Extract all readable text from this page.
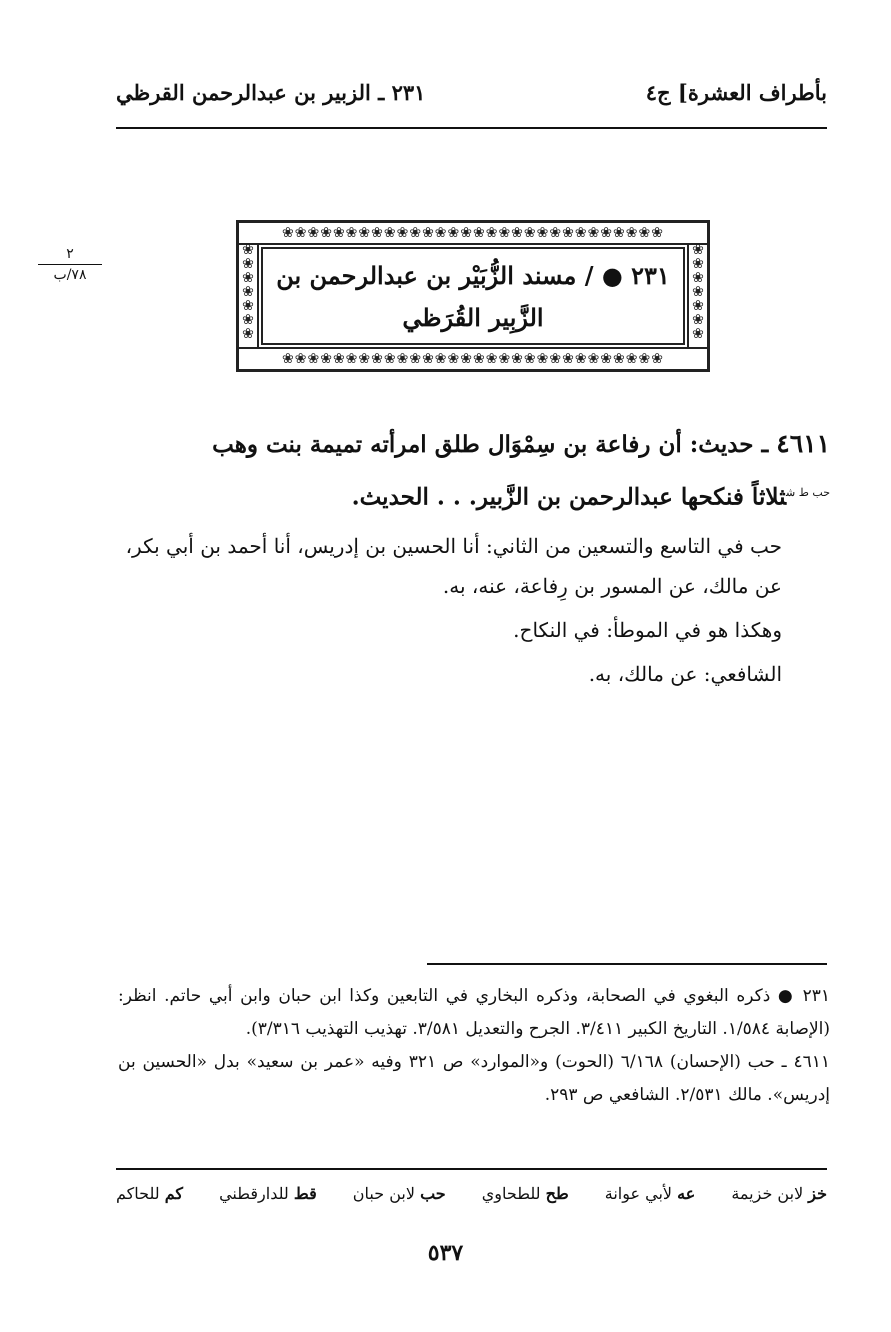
بأطراف العشرة] ج٤
٢٣١ ـ الزبير بن عبدالرحمن القرظي
٢
٧٨/ب
❀❀❀❀❀❀❀❀❀❀❀❀❀❀❀❀❀❀❀❀❀❀❀❀❀❀❀❀❀❀
❀
❀
❀
❀
❀
❀
❀
❀
❀
❀
❀
❀
❀
❀
❀❀❀❀❀❀❀❀❀❀❀❀❀❀❀❀❀❀❀❀❀❀❀❀❀❀❀❀❀❀
٢٣١ ● / مسند الزُّبَيْر بن عبدالرحمن بن
الزَّبِير القُرَظي
٤٦١١ ـ حديث: أن رفاعة بن سِمْوَال طلق امرأته تميمة بنت وهب
$^{حب ط ش}$ثلاثاً فنكحها عبدالرحمن بن الزَّبير. . . الحديث.
حب في التاسع والتسعين من الثاني: أنا الحسين بن إدريس، أنا أحمد بن أبي بكر، عن مالك، عن المسور بن رِفاعة، عنه، به.
وهكذا هو في الموطأ: في النكاح.
الشافعي: عن مالك، به.
٢٣١ ● ذكره البغوي في الصحابة، وذكره البخاري في التابعين وكذا ابن حبان وابن أبي حاتم. انظر: (الإصابة ١/٥٨٤. التاريخ الكبير ٣/٤١١. الجرح والتعديل ٣/٥٨١. تهذيب التهذيب ٣/٣١٦).
٤٦١١ ـ حب (الإحسان) ٦/١٦٨ (الحوت) و«الموارد» ص ٣٢١ وفيه «عمر بن سعيد» بدل «الحسين بن إدريس». مالك ٢/٥٣١. الشافعي ص ٢٩٣.
خز لابن خزيمة
عه لأبي عوانة
طح للطحاوي
حب لابن حبان
قط للدارقطني
كم للحاكم
٥٣٧
